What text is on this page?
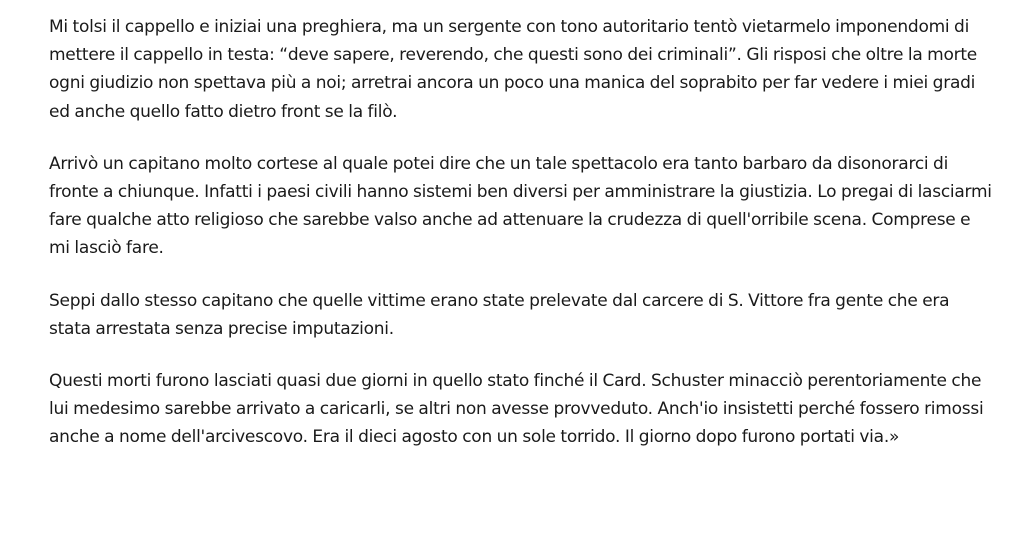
Mi tolsi il cappello e iniziai una preghiera, ma un sergente con tono autoritario tentò vietarmelo imponendomi di mettere il cappello in testa: “deve sapere, reverendo, che questi sono dei criminali”. Gli risposi che oltre la morte ogni giudizio non spettava più a noi; arretrai ancora un poco una manica del soprabito per far vedere i miei gradi ed anche quello fatto dietro front se la filò.

Arrivò un capitano molto cortese al quale potei dire che un tale spettacolo era tanto barbaro da disonorarci di fronte a chiunque. Infatti i paesi civili hanno sistemi ben diversi per amministrare la giustizia. Lo pregai di lasciarmi fare qualche atto religioso che sarebbe valso anche ad attenuare la crudezza di quell'orribile scena. Comprese e mi lasciò fare.

Seppi dallo stesso capitano che quelle vittime erano state prelevate dal carcere di S. Vittore fra gente che era stata arrestata senza precise imputazioni.

Questi morti furono lasciati quasi due giorni in quello stato finché il Card. Schuster minacciò perentoriamente che lui medesimo sarebbe arrivato a caricarli, se altri non avesse provveduto. Anch'io insistetti perché fossero rimossi anche a nome dell'arcivescovo. Era il dieci agosto con un sole torrido. Il giorno dopo furono portati via.»
